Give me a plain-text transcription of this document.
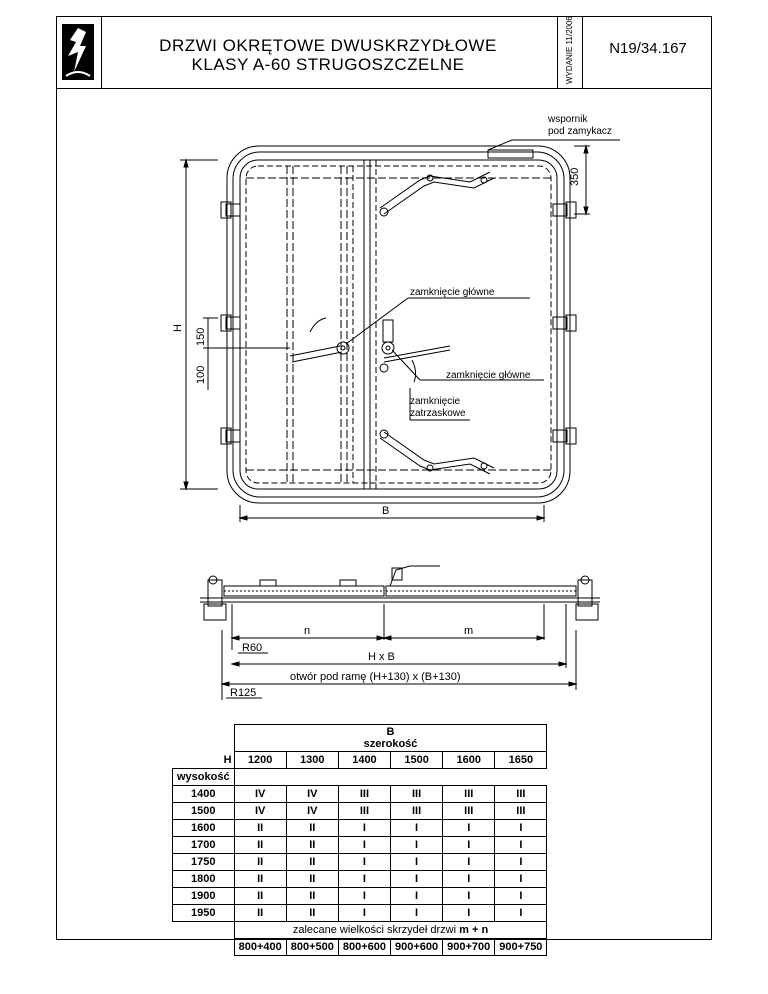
DRZWI OKRĘTOWE DWUSKRZYDŁOWE
KLASY A-60 STRUGOSZCZELNE	WYDANIE 11/2006	N19/34.167
wspornik
pod zamykacz
350
H 150
100
zamknięcie główne
zamknięcie główne
zamknięcie
zatrzaskowe
B
n	m
R60
H x B
otwór pod ramę (H+130) x (B+130)
R125

	B
szerokość					

H	1200	1300	1400	1500	1600	1650
wysokość						
1400	IV	IV	III	III	III	III
1500	IV	IV	III	III	III	III
1600	II	II	I	I	I	I
1700	II	II	I	I	I	I
1750	II	II	I	I	I	I
1800	II	II	I	I	I	I
1900	II	II	I	I	I	I
1950	II	II	I	I	I	I
	zalecane wielkości skrzydeł drzwi m + n					
	800+400	800+500	800+600	900+600	900+700	900+750
